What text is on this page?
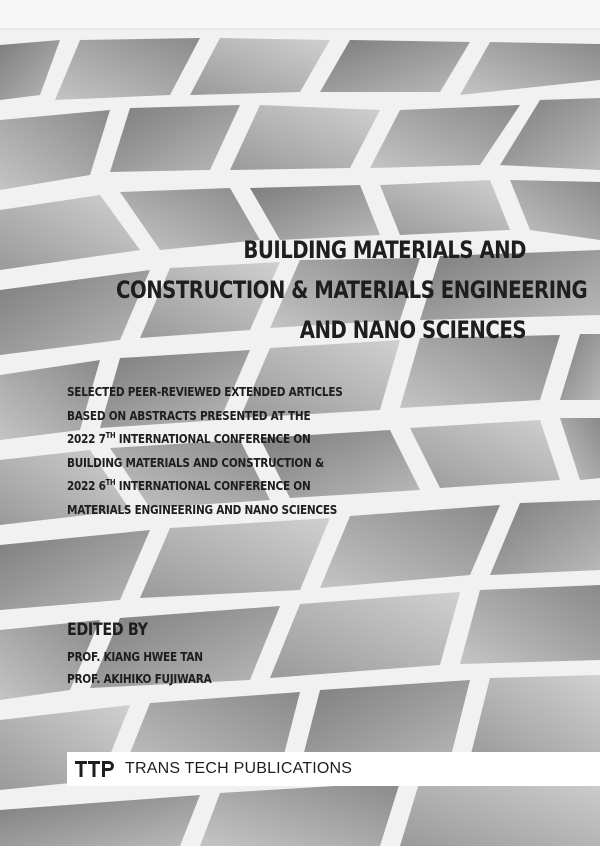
BUILDING MATERIALS AND
CONSTRUCTION & MATERIALS ENGINEERING
AND NANO SCIENCES
SELECTED PEER-REVIEWED EXTENDED ARTICLES
BASED ON ABSTRACTS PRESENTED AT THE
2022 7TH INTERNATIONAL CONFERENCE ON
BUILDING MATERIALS AND CONSTRUCTION &
2022 6TH INTERNATIONAL CONFERENCE ON
MATERIALS ENGINEERING AND NANO SCIENCES
EDITED BY
PROF. KIANG HWEE TAN
PROF. AKIHIKO FUJIWARA
TRANS TECH PUBLICATIONS
